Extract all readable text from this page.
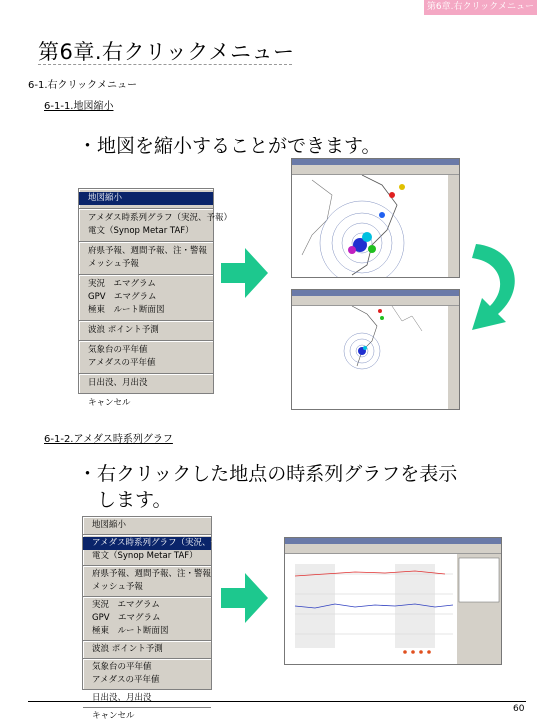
第6章.右クリックメニュー
第6章.右クリックメニュー
6-1.右クリックメニュー
6-1-1.地図縮小
・地図を縮小することができます。
地図縮小
アメダス時系列グラフ（実況、予報）
電文（Synop Metar TAF）
府県予報、週間予報、注・警報
メッシュ予報
実況　エマグラム
GPV　エマグラム
極東　ルート断面図
波浪 ポイント予測
気象台の平年値
アメダスの平年値
日出没、月出没
キャンセル
6-1-2.アメダス時系列グラフ
・右クリックした地点の時系列グラフを表示
　します。
地図縮小
アメダス時系列グラフ（実況、予報）
電文（Synop Metar TAF）
府県予報、週間予報、注・警報
メッシュ予報
実況　エマグラム
GPV　エマグラム
極東　ルート断面図
波浪 ポイント予測
気象台の平年値
アメダスの平年値
日出没、月出没
キャンセル
60
